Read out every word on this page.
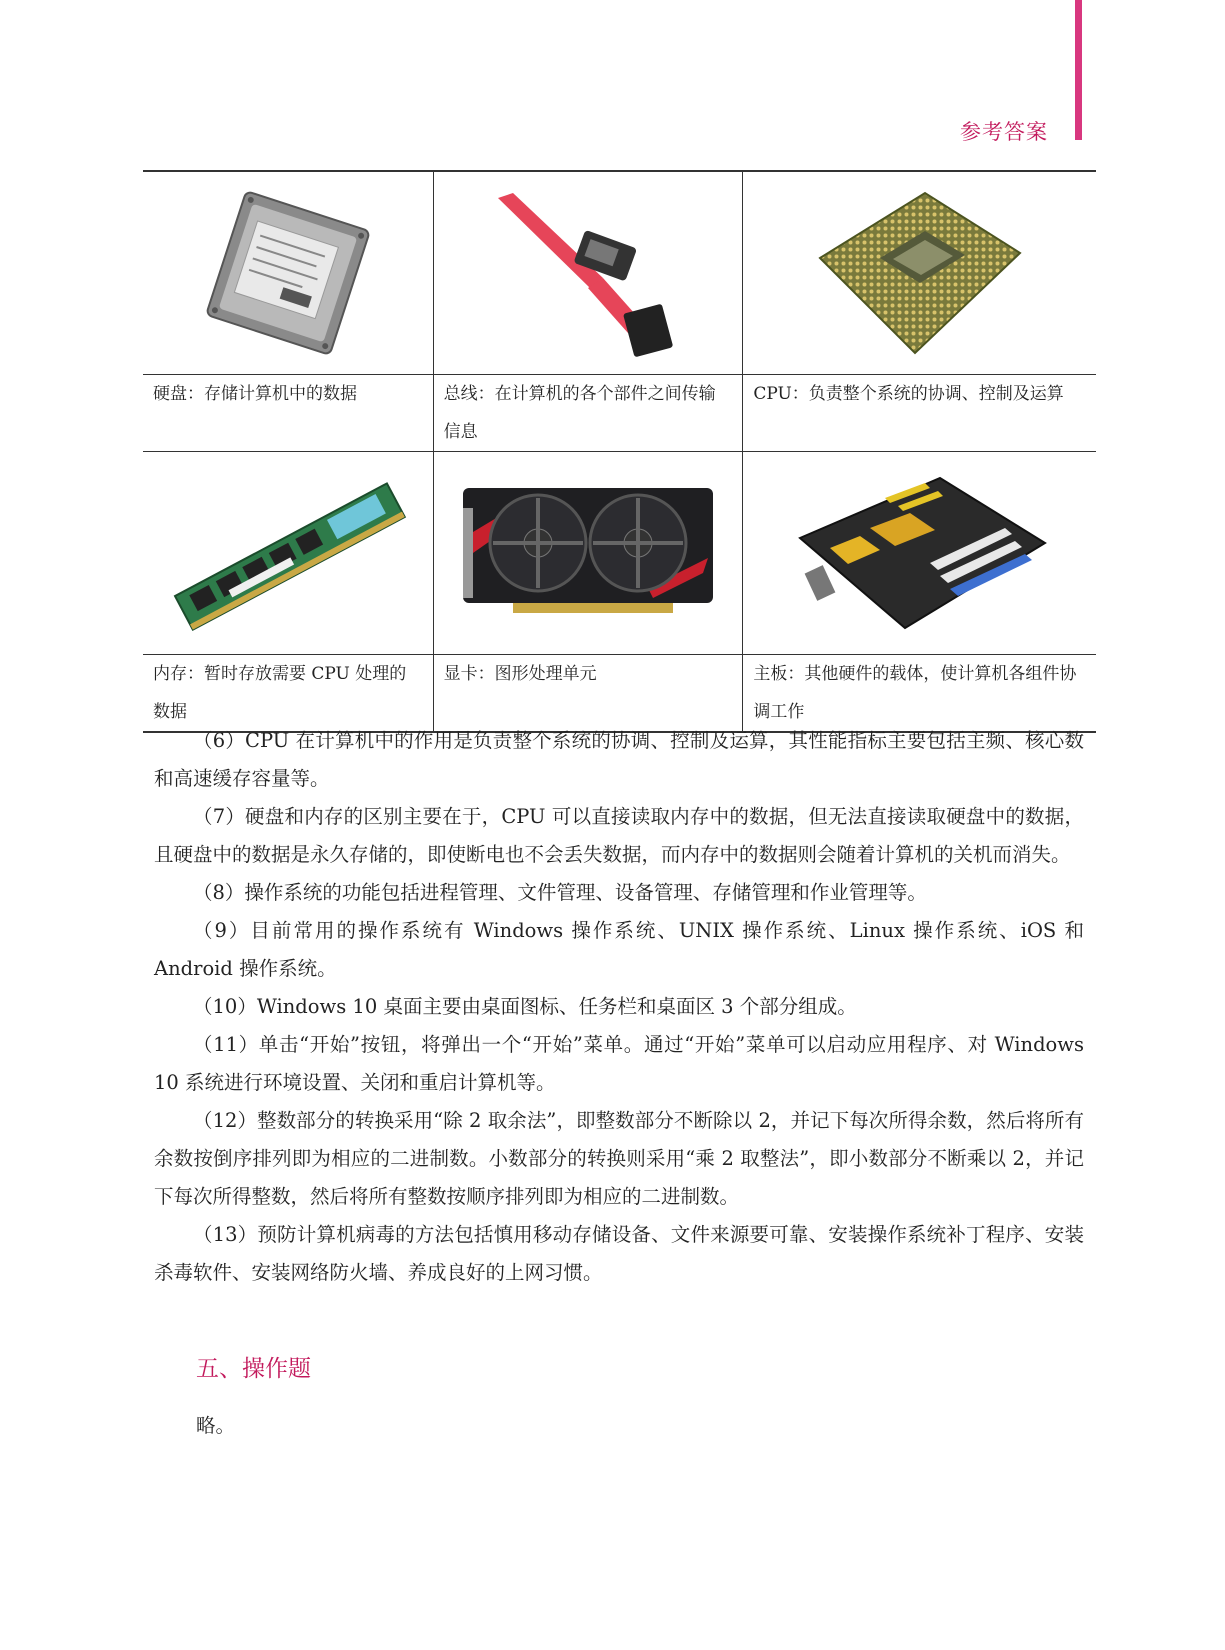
参考答案

硬盘：存储计算机中的数据	总线：在计算机的各个部件之间传输信息	CPU：负责整个系统的协调、控制及运算

内存：暂时存放需要 CPU 处理的数据	显卡：图形处理单元	主板：其他硬件的载体，使计算机各组件协调工作

（6）CPU 在计算机中的作用是负责整个系统的协调、控制及运算，其性能指标主要包括主频、核心数和高速缓存容量等。

（7）硬盘和内存的区别主要在于，CPU 可以直接读取内存中的数据，但无法直接读取硬盘中的数据，且硬盘中的数据是永久存储的，即使断电也不会丢失数据，而内存中的数据则会随着计算机的关机而消失。

（8）操作系统的功能包括进程管理、文件管理、设备管理、存储管理和作业管理等。

（9）目前常用的操作系统有 Windows 操作系统、UNIX 操作系统、Linux 操作系统、iOS 和 Android 操作系统。

（10）Windows 10 桌面主要由桌面图标、任务栏和桌面区 3 个部分组成。

（11）单击“开始”按钮，将弹出一个“开始”菜单。通过“开始”菜单可以启动应用程序、对 Windows 10 系统进行环境设置、关闭和重启计算机等。

（12）整数部分的转换采用“除 2 取余法”，即整数部分不断除以 2，并记下每次所得余数，然后将所有余数按倒序排列即为相应的二进制数。小数部分的转换则采用“乘 2 取整法”，即小数部分不断乘以 2，并记下每次所得整数，然后将所有整数按顺序排列即为相应的二进制数。

（13）预防计算机病毒的方法包括慎用移动存储设备、文件来源要可靠、安装操作系统补丁程序、安装杀毒软件、安装网络防火墙、养成良好的上网习惯。

五、操作题
略。
